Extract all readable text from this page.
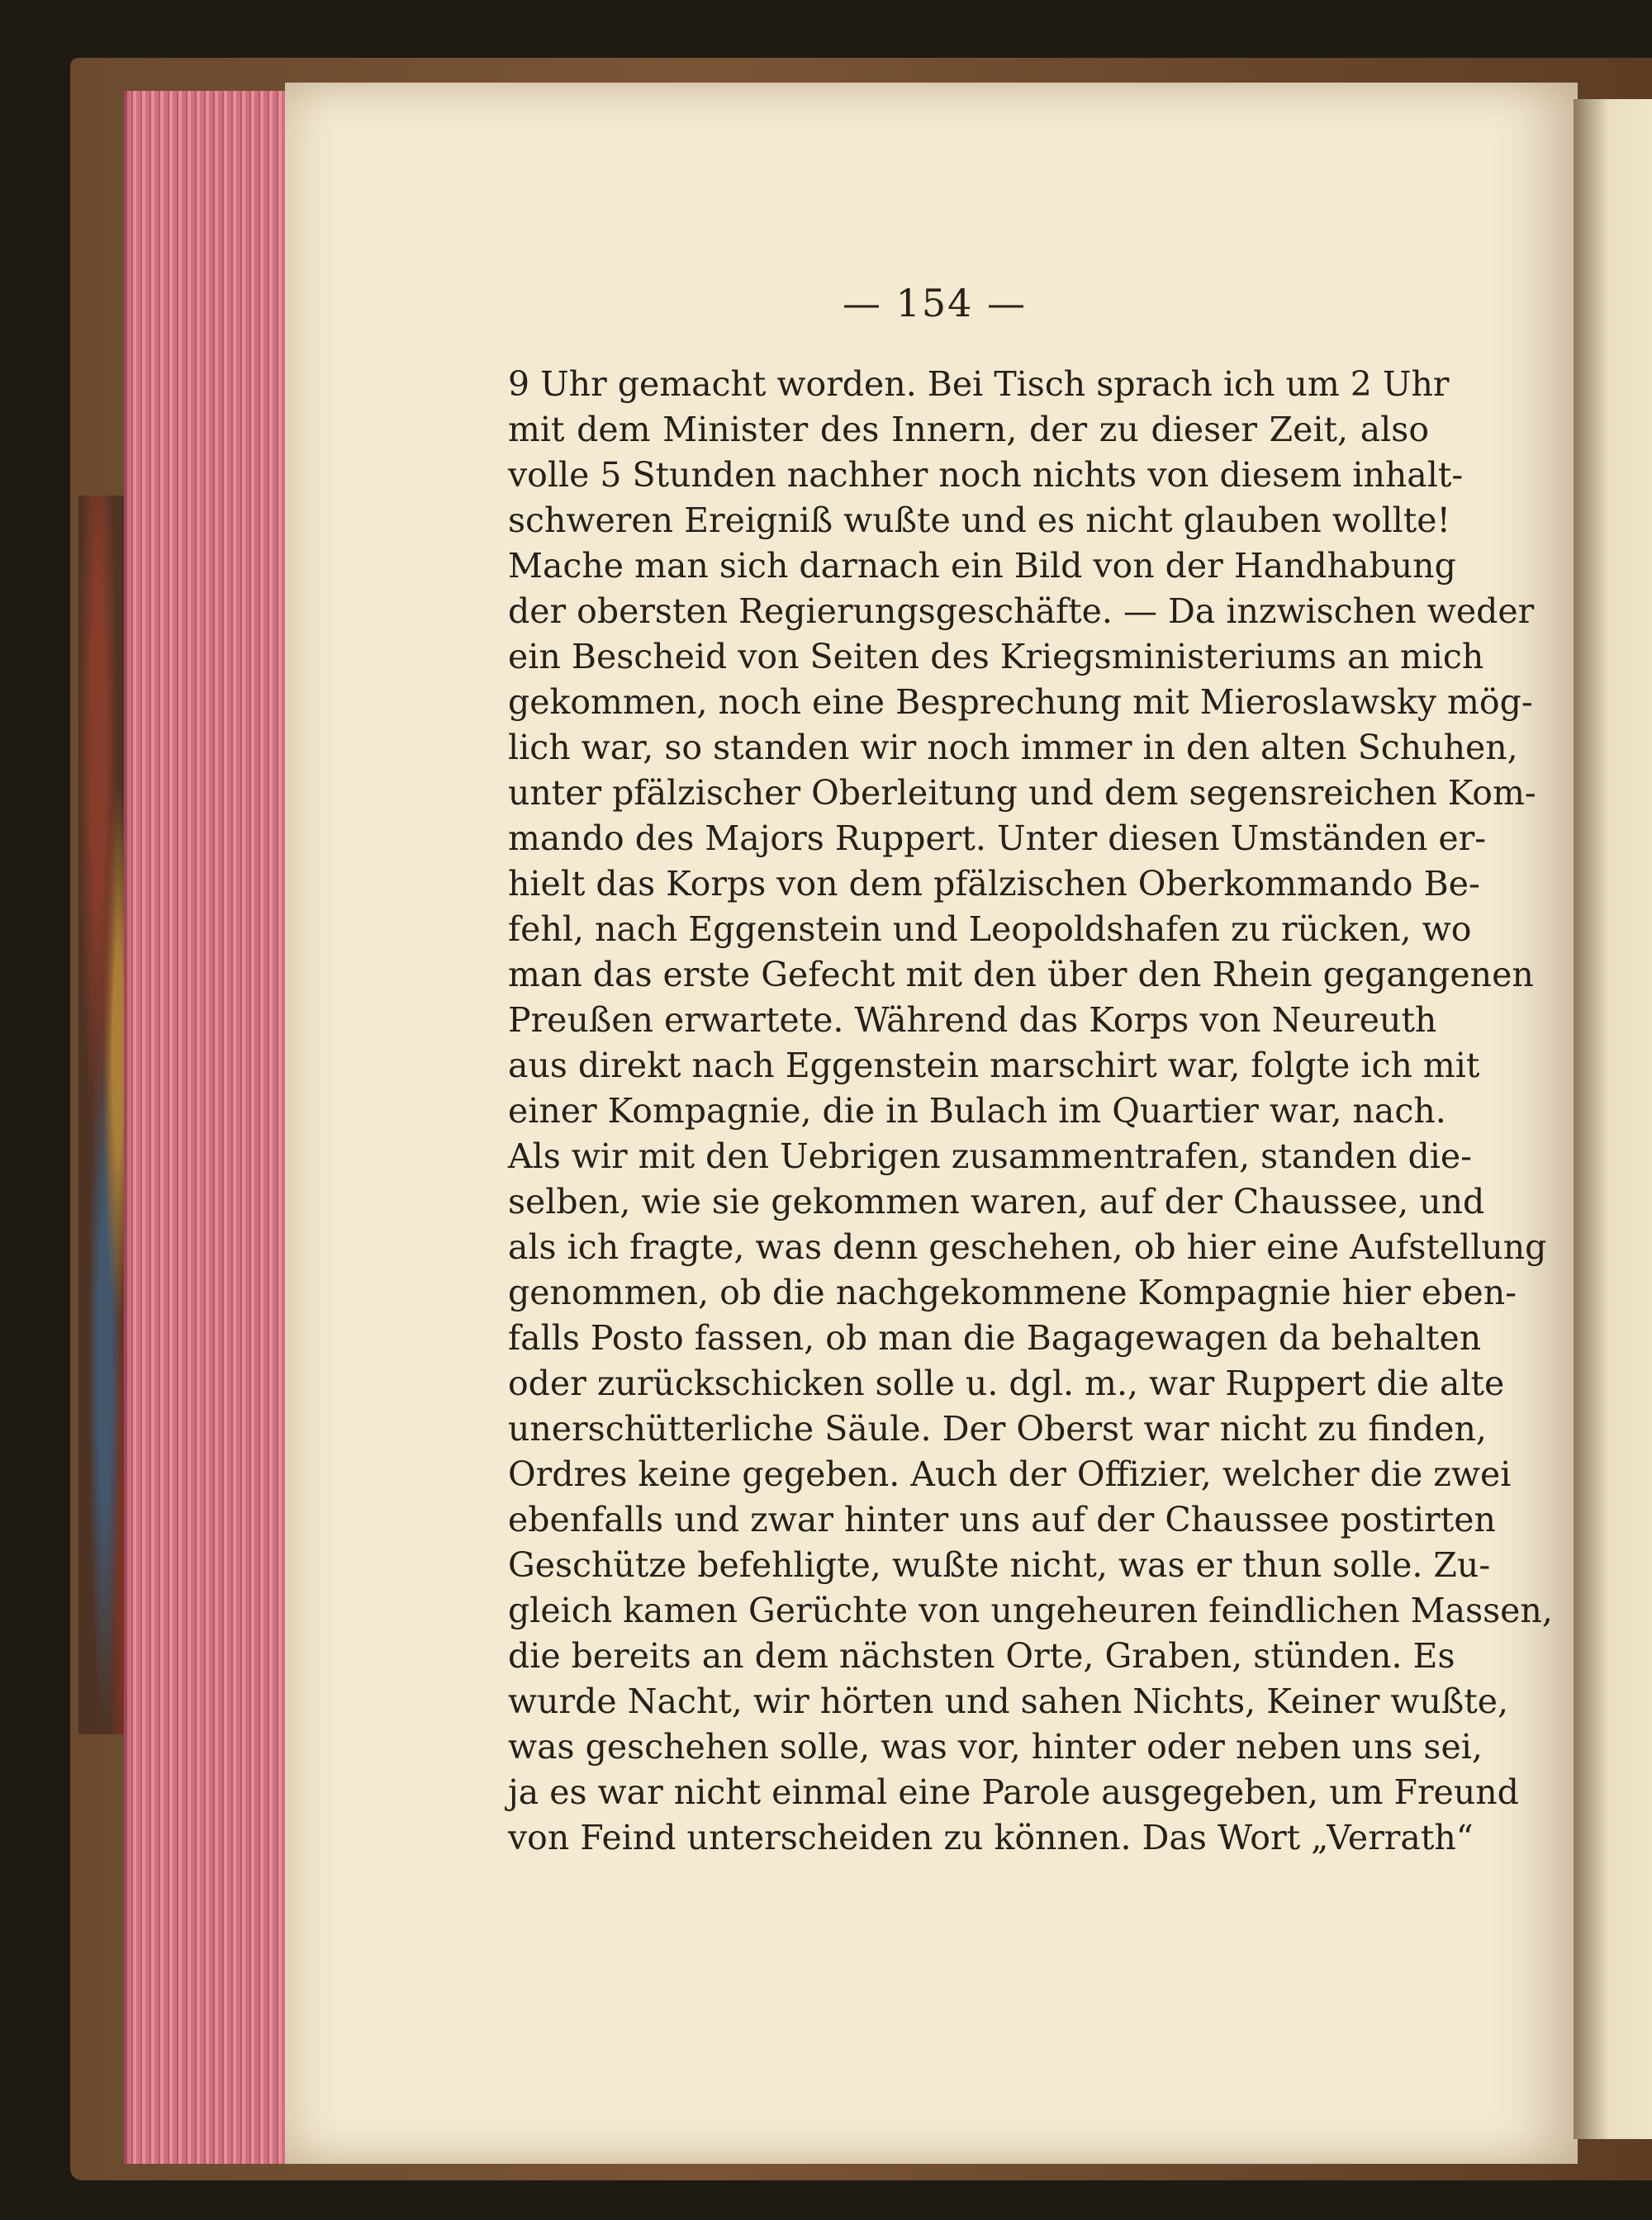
— 154 —
9 Uhr gemacht worden. Bei Tisch sprach ich um 2 Uhr
mit dem Minister des Innern, der zu dieser Zeit, also
volle 5 Stunden nachher noch nichts von diesem inhalt-
schweren Ereigniß wußte und es nicht glauben wollte!
Mache man sich darnach ein Bild von der Handhabung
der obersten Regierungsgeschäfte. — Da inzwischen weder
ein Bescheid von Seiten des Kriegsministeriums an mich
gekommen, noch eine Besprechung mit Mieroslawsky mög-
lich war, so standen wir noch immer in den alten Schuhen,
unter pfälzischer Oberleitung und dem segensreichen Kom-
mando des Majors Ruppert. Unter diesen Umständen er-
hielt das Korps von dem pfälzischen Oberkommando Be-
fehl, nach Eggenstein und Leopoldshafen zu rücken, wo
man das erste Gefecht mit den über den Rhein gegangenen
Preußen erwartete. Während das Korps von Neureuth
aus direkt nach Eggenstein marschirt war, folgte ich mit
einer Kompagnie, die in Bulach im Quartier war, nach.
Als wir mit den Uebrigen zusammentrafen, standen die-
selben, wie sie gekommen waren, auf der Chaussee, und
als ich fragte, was denn geschehen, ob hier eine Aufstellung
genommen, ob die nachgekommene Kompagnie hier eben-
falls Posto fassen, ob man die Bagagewagen da behalten
oder zurückschicken solle u. dgl. m., war Ruppert die alte
unerschütterliche Säule. Der Oberst war nicht zu finden,
Ordres keine gegeben. Auch der Offizier, welcher die zwei
ebenfalls und zwar hinter uns auf der Chaussee postirten
Geschütze befehligte, wußte nicht, was er thun solle. Zu-
gleich kamen Gerüchte von ungeheuren feindlichen Massen,
die bereits an dem nächsten Orte, Graben, stünden. Es
wurde Nacht, wir hörten und sahen Nichts, Keiner wußte,
was geschehen solle, was vor, hinter oder neben uns sei,
ja es war nicht einmal eine Parole ausgegeben, um Freund
von Feind unterscheiden zu können. Das Wort „Verrath“
